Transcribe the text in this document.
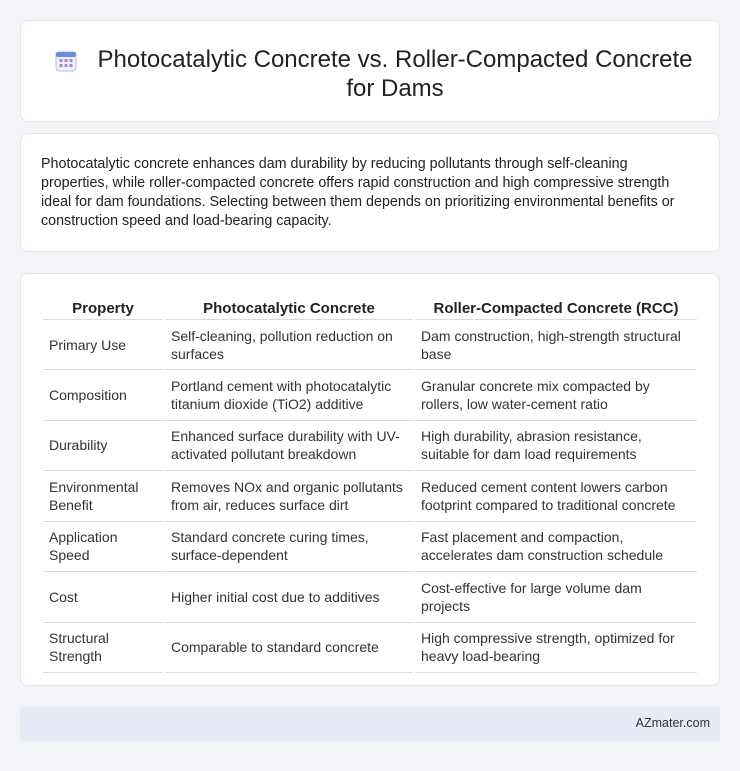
Photocatalytic Concrete vs. Roller-Compacted Concrete for Dams

Photocatalytic concrete enhances dam durability by reducing pollutants through self-cleaning properties, while roller-compacted concrete offers rapid construction and high compressive strength ideal for dam foundations. Selecting between them depends on prioritizing environmental benefits or construction speed and load-bearing capacity.

Property	Photocatalytic Concrete	Roller-Compacted Concrete (RCC)
Primary Use	Self-cleaning, pollution reduction on surfaces	Dam construction, high-strength structural base
Composition	Portland cement with photocatalytic titanium dioxide (TiO2) additive	Granular concrete mix compacted by rollers, low water-cement ratio
Durability	Enhanced surface durability with UV-activated pollutant breakdown	High durability, abrasion resistance, suitable for dam load requirements
Environmental Benefit	Removes NOx and organic pollutants from air, reduces surface dirt	Reduced cement content lowers carbon footprint compared to traditional concrete
Application Speed	Standard concrete curing times, surface-dependent	Fast placement and compaction, accelerates dam construction schedule
Cost	Higher initial cost due to additives	Cost-effective for large volume dam projects
Structural Strength	Comparable to standard concrete	High compressive strength, optimized for heavy load-bearing
AZmater.com
